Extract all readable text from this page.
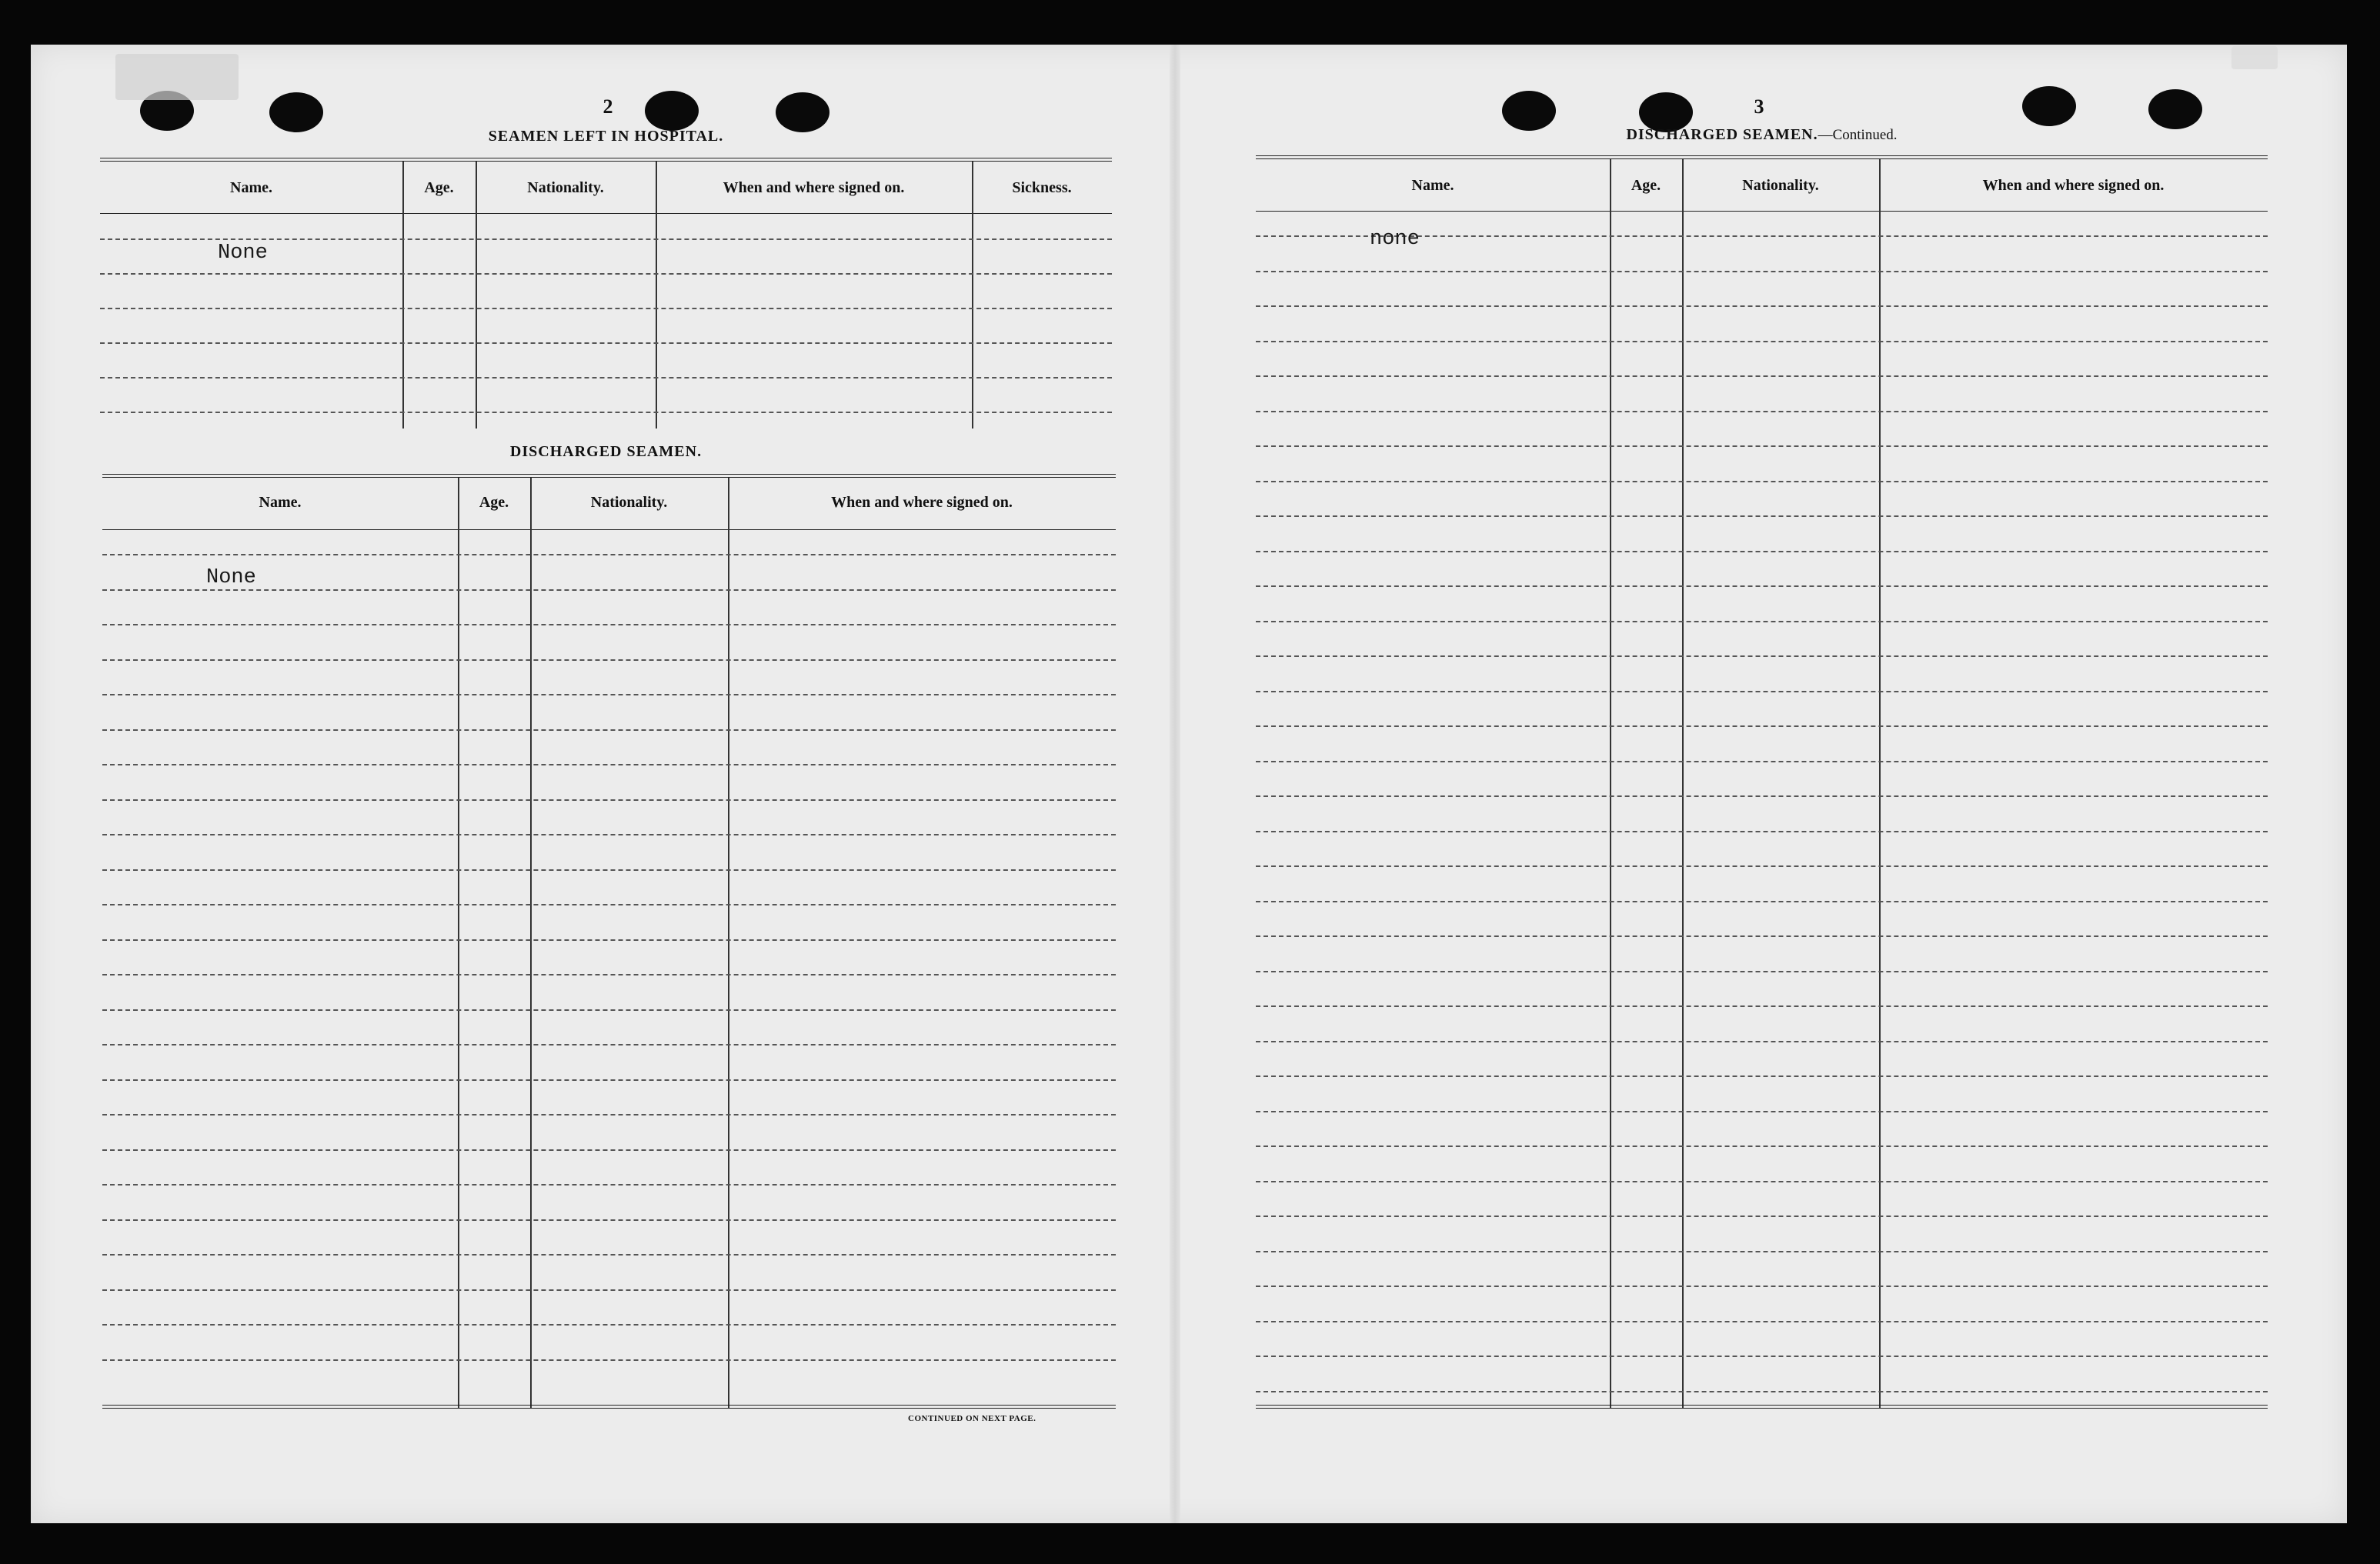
2
SEAMEN LEFT IN HOSPITAL.
Name.	Age.	Nationality.	When and where signed on.	Sickness.
None
DISCHARGED SEAMEN.
Name.	Age.	Nationality.	When and where signed on.
None
CONTINUED ON NEXT PAGE.
3
DISCHARGED SEAMEN.—Continued.
Name.	Age.	Nationality.	When and where signed on.
none
